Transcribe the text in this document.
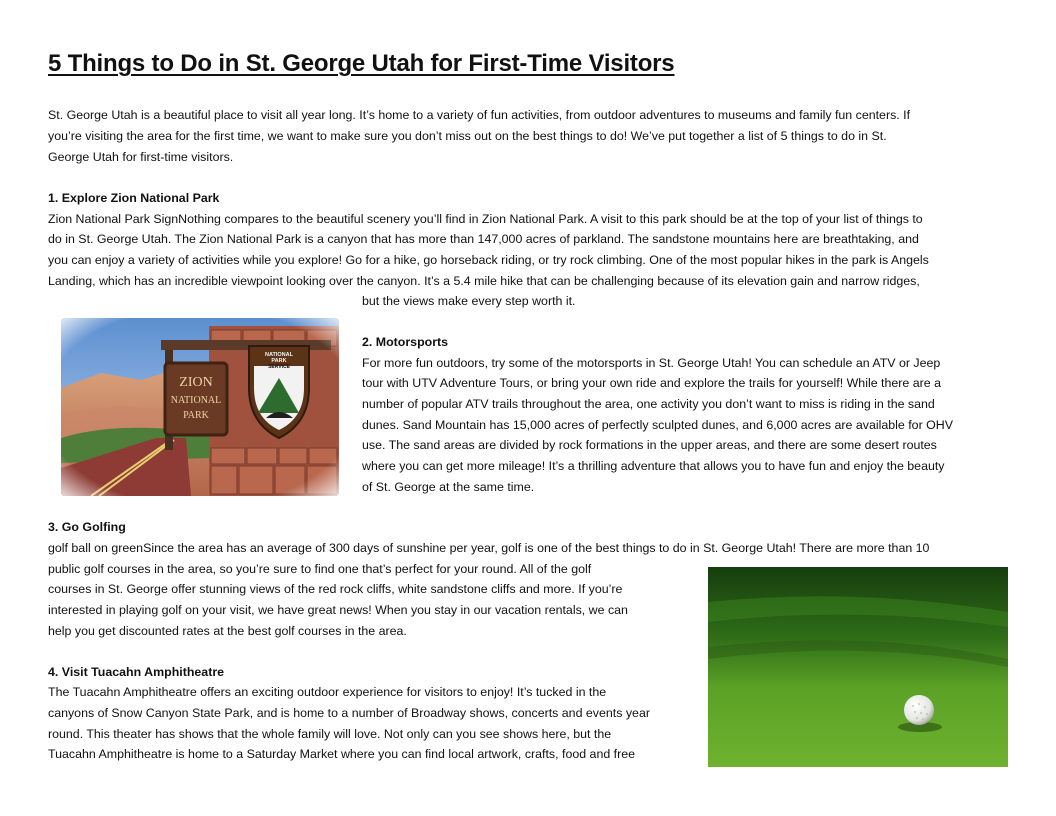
5 Things to Do in St. George Utah for First-Time Visitors

St. George Utah is a beautiful place to visit all year long. It’s home to a variety of fun activities, from outdoor adventures to museums and family fun centers. If

you’re visiting the area for the first time, we want to make sure you don’t miss out on the best things to do! We’ve put together a list of 5 things to do in St.

George Utah for first-time visitors.

1. Explore Zion National Park

Zion National Park SignNothing compares to the beautiful scenery you’ll find in Zion National Park. A visit to this park should be at the top of your list of things to

do in St. George Utah. The Zion National Park is a canyon that has more than 147,000 acres of parkland. The sandstone mountains here are breathtaking, and

you can enjoy a variety of activities while you explore! Go for a hike, go horseback riding, or try rock climbing. One of the most popular hikes in the park is Angels

Landing, which has an incredible viewpoint looking over the canyon. It’s a 5.4 mile hike that can be challenging because of its elevation gain and narrow ridges,

but the views make every step worth it.

2. Motorsports

For more fun outdoors, try some of the motorsports in St. George Utah! You can schedule an ATV or Jeep

tour with UTV Adventure Tours, or bring your own ride and explore the trails for yourself! While there are a

number of popular ATV trails throughout the area, one activity you don’t want to miss is riding in the sand

dunes. Sand Mountain has 15,000 acres of perfectly sculpted dunes, and 6,000 acres are available for OHV

use. The sand areas are divided by rock formations in the upper areas, and there are some desert routes

where you can get more mileage! It’s a thrilling adventure that allows you to have fun and enjoy the beauty

of St. George at the same time.

3. Go Golfing

golf ball on greenSince the area has an average of 300 days of sunshine per year, golf is one of the best things to do in St. George Utah! There are more than 10

public golf courses in the area, so you’re sure to find one that’s perfect for your round. All of the golf

courses in St. George offer stunning views of the red rock cliffs, white sandstone cliffs and more. If you’re

interested in playing golf on your visit, we have great news! When you stay in our vacation rentals, we can

help you get discounted rates at the best golf courses in the area.

4. Visit Tuacahn Amphitheatre

The Tuacahn Amphitheatre offers an exciting outdoor experience for visitors to enjoy! It’s tucked in the

canyons of Snow Canyon State Park, and is home to a number of Broadway shows, concerts and events year

round. This theater has shows that the whole family will love. Not only can you see shows here, but the

Tuacahn Amphitheatre is home to a Saturday Market where you can find local artwork, crafts, food and free
